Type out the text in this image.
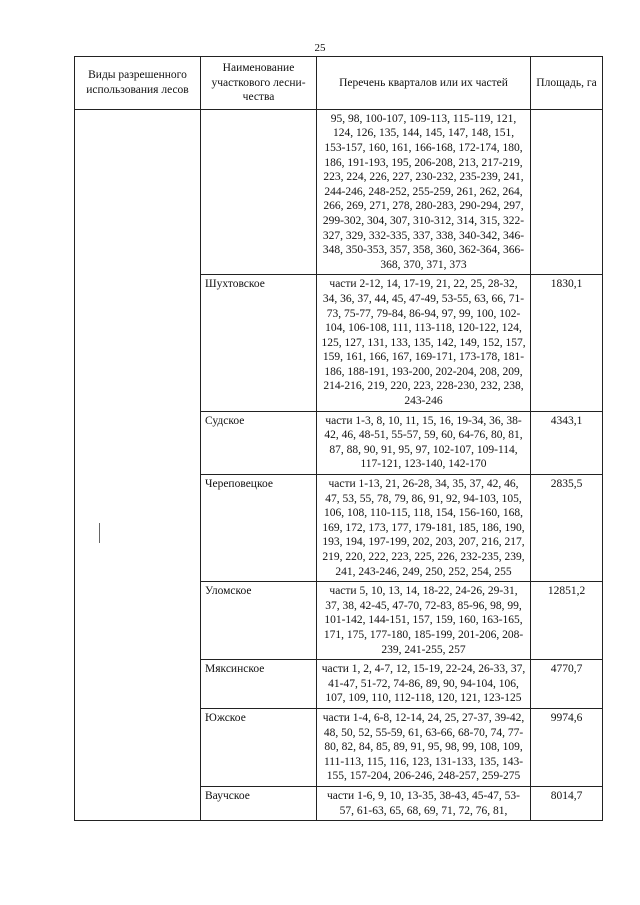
25
Виды разрешенного использования лесов	Наименование участкового лесни-чества	Перечень кварталов или их частей	Площадь, га
		95, 98, 100-107, 109-113, 115-119, 121, 124, 126, 135, 144, 145, 147, 148, 151, 153-157, 160, 161, 166-168, 172-174, 180, 186, 191-193, 195, 206-208, 213, 217-219, 223, 224, 226, 227, 230-232, 235-239, 241, 244-246, 248-252, 255-259, 261, 262, 264, 266, 269, 271, 278, 280-283, 290-294, 297, 299-302, 304, 307, 310-312, 314, 315, 322-327, 329, 332-335, 337, 338, 340-342, 346-348, 350-353, 357, 358, 360, 362-364, 366-368, 370, 371, 373	
	Шухтовское	части 2-12, 14, 17-19, 21, 22, 25, 28-32, 34, 36, 37, 44, 45, 47-49, 53-55, 63, 66, 71-73, 75-77, 79-84, 86-94, 97, 99, 100, 102-104, 106-108, 111, 113-118, 120-122, 124, 125, 127, 131, 133, 135, 142, 149, 152, 157, 159, 161, 166, 167, 169-171, 173-178, 181-186, 188-191, 193-200, 202-204, 208, 209, 214-216, 219, 220, 223, 228-230, 232, 238, 243-246	1830,1
	Судское	части 1-3, 8, 10, 11, 15, 16, 19-34, 36, 38-42, 46, 48-51, 55-57, 59, 60, 64-76, 80, 81, 87, 88, 90, 91, 95, 97, 102-107, 109-114, 117-121, 123-140, 142-170	4343,1
	Череповецкое	части 1-13, 21, 26-28, 34, 35, 37, 42, 46, 47, 53, 55, 78, 79, 86, 91, 92, 94-103, 105, 106, 108, 110-115, 118, 154, 156-160, 168, 169, 172, 173, 177, 179-181, 185, 186, 190, 193, 194, 197-199, 202, 203, 207, 216, 217, 219, 220, 222, 223, 225, 226, 232-235, 239, 241, 243-246, 249, 250, 252, 254, 255	2835,5
	Уломское	части 5, 10, 13, 14, 18-22, 24-26, 29-31, 37, 38, 42-45, 47-70, 72-83, 85-96, 98, 99, 101-142, 144-151, 157, 159, 160, 163-165, 171, 175, 177-180, 185-199, 201-206, 208-239, 241-255, 257	12851,2
	Мяксинское	части 1, 2, 4-7, 12, 15-19, 22-24, 26-33, 37, 41-47, 51-72, 74-86, 89, 90, 94-104, 106, 107, 109, 110, 112-118, 120, 121, 123-125	4770,7
	Южское	части 1-4, 6-8, 12-14, 24, 25, 27-37, 39-42, 48, 50, 52, 55-59, 61, 63-66, 68-70, 74, 77-80, 82, 84, 85, 89, 91, 95, 98, 99, 108, 109, 111-113, 115, 116, 123, 131-133, 135, 143-155, 157-204, 206-246, 248-257, 259-275	9974,6
	Ваучское	части 1-6, 9, 10, 13-35, 38-43, 45-47, 53-57, 61-63, 65, 68, 69, 71, 72, 76, 81,	8014,7
